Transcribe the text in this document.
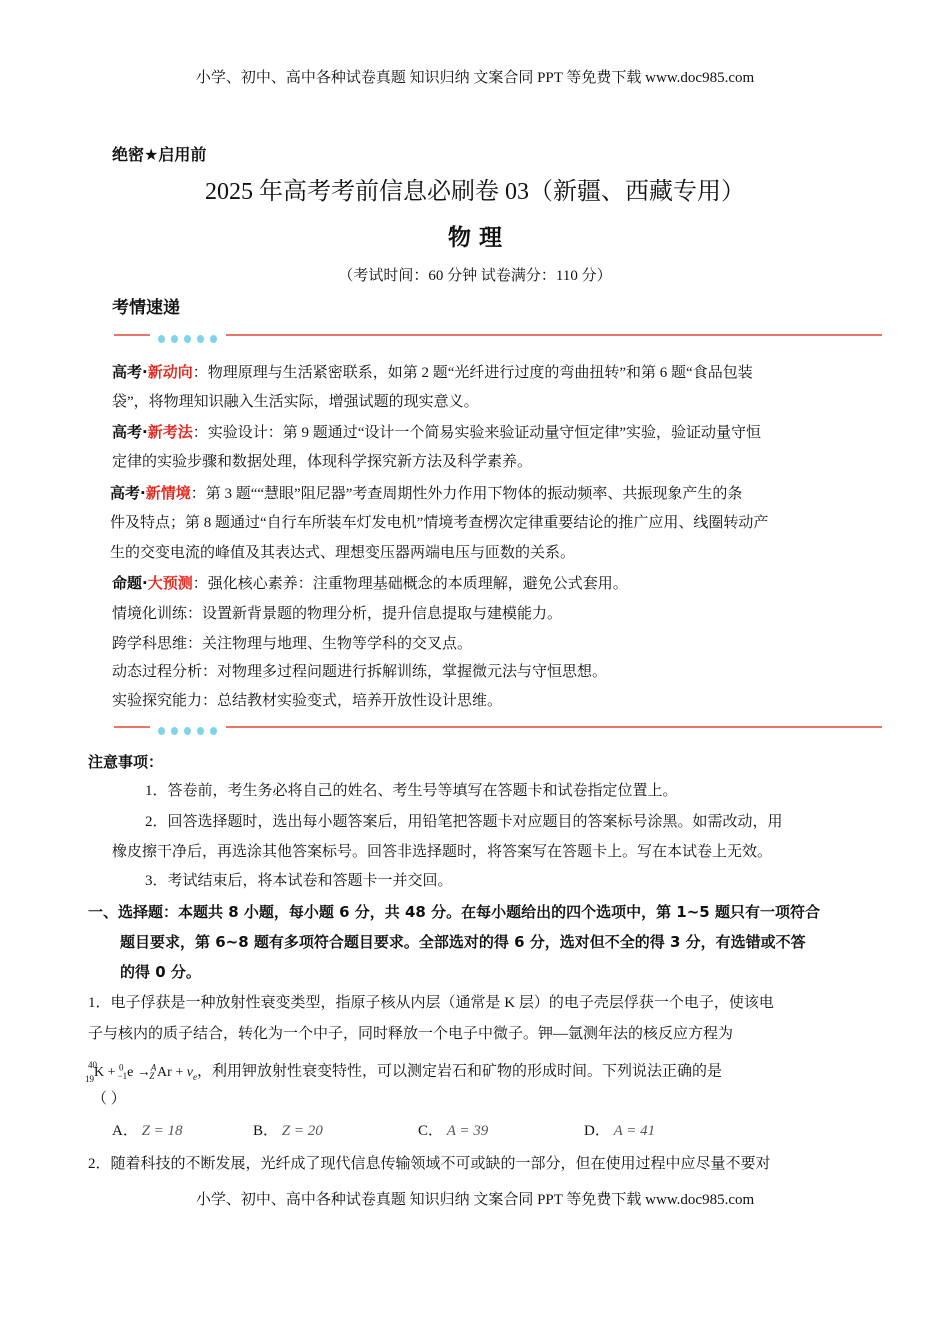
小学、初中、高中各种试卷真题 知识归纳 文案合同 PPT 等免费下载 www.doc985.com
绝密★启用前
2025 年高考考前信息必刷卷 03（新疆、西藏专用）
物 理
（考试时间：60 分钟 试卷满分：110 分）
考情速递
高考·新动向：物理原理与生活紧密联系，如第 2 题“光纤进行过度的弯曲扭转”和第 6 题“食品包装
袋”，将物理知识融入生活实际，增强试题的现实意义。
高考·新考法：实验设计：第 9 题通过“设计一个简易实验来验证动量守恒定律”实验，验证动量守恒
定律的实验步骤和数据处理，体现科学探究新方法及科学素养。
高考·新情境：第 3 题““慧眼”阻尼器”考查周期性外力作用下物体的振动频率、共振现象产生的条
件及特点；第 8 题通过“自行车所装车灯发电机”情境考查楞次定律重要结论的推广应用、线圈转动产
生的交变电流的峰值及其表达式、理想变压器两端电压与匝数的关系。
命题·大预测：强化核心素养：注重物理基础概念的本质理解，避免公式套用。
情境化训练：设置新背景题的物理分析，提升信息提取与建模能力。
跨学科思维：关注物理与地理、生物等学科的交叉点。
动态过程分析：对物理多过程问题进行拆解训练，掌握微元法与守恒思想。
实验探究能力：总结教材实验变式，培养开放性设计思维。
注意事项：
1．答卷前，考生务必将自己的姓名、考生号等填写在答题卡和试卷指定位置上。
2．回答选择题时，选出每小题答案后，用铅笔把答题卡对应题目的答案标号涂黑。如需改动，用
橡皮擦干净后，再选涂其他答案标号。回答非选择题时，将答案写在答题卡上。写在本试卷上无效。
3．考试结束后，将本试卷和答题卡一并交回。
一、选择题：本题共 8 小题，每小题 6 分，共 48 分。在每小题给出的四个选项中，第 1~5 题只有一项符合
题目要求，第 6~8 题有多项符合题目要求。全部选对的得 6 分，选对但不全的得 3 分，有选错或不答
的得 0 分。
1．电子俘获是一种放射性衰变类型，指原子核从内层（通常是 K 层）的电子壳层俘获一个电子，使该电
子与核内的质子结合，转化为一个中子，同时释放一个电子中微子。钾—氩测年法的核反应方程为
$^{40}_{19}$K + $^0_{-1}$e →$^A_Z$ $Ar + \nu_e$，利用钾放射性衰变特性，可以测定岩石和矿物的形成时间。下列说法正确的是
（ ）
A． Z = 18	B． Z = 20	C． A = 39	D． A = 41
2．随着科技的不断发展，光纤成了现代信息传输领域不可或缺的一部分，但在使用过程中应尽量不要对
小学、初中、高中各种试卷真题 知识归纳 文案合同 PPT 等免费下载 www.doc985.com
